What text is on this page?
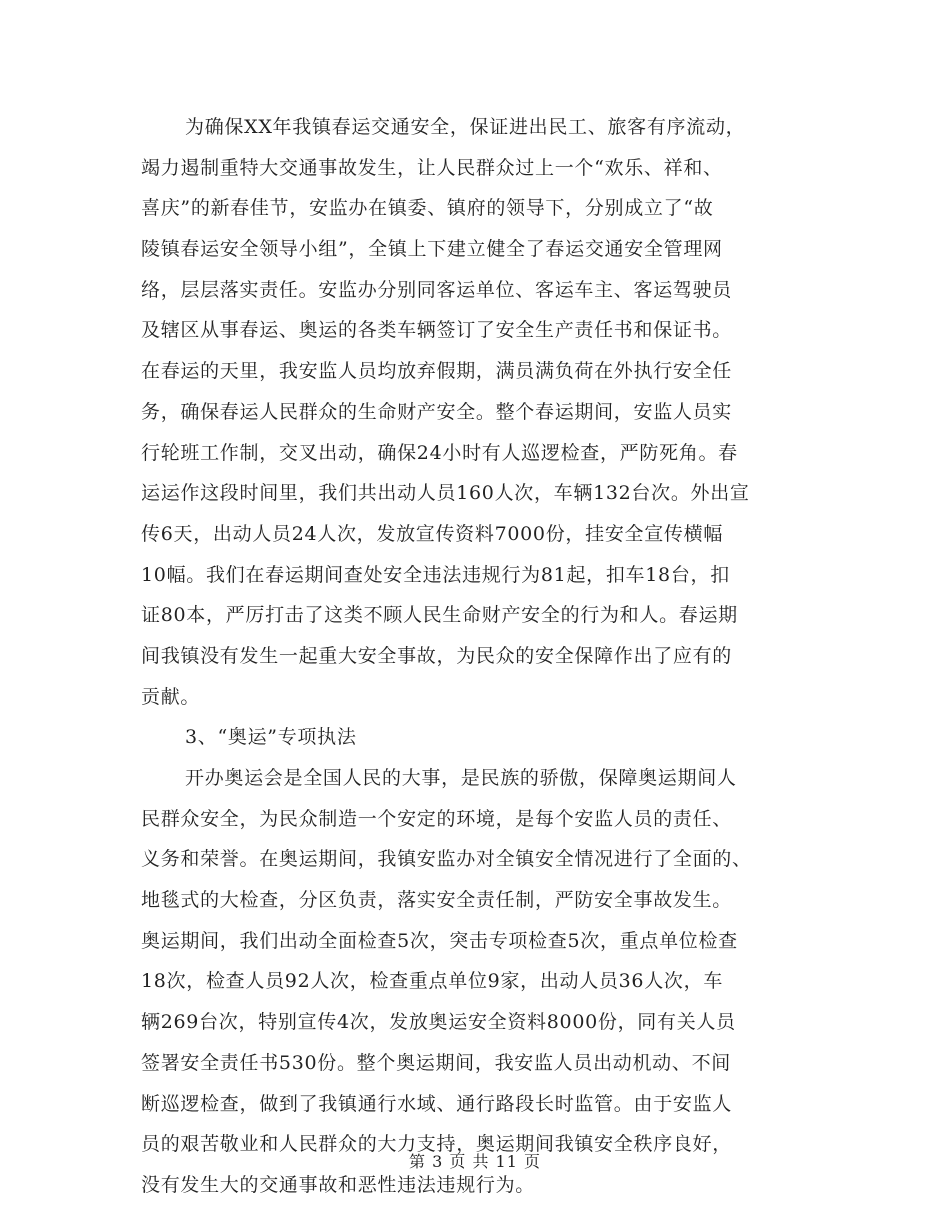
为确保XX年我镇春运交通安全，保证进出民工、旅客有序流动，
竭力遏制重特大交通事故发生，让人民群众过上一个“欢乐、祥和、
喜庆”的新春佳节，安监办在镇委、镇府的领导下，分别成立了“故
陵镇春运安全领导小组”，全镇上下建立健全了春运交通安全管理网
络，层层落实责任。安监办分别同客运单位、客运车主、客运驾驶员
及辖区从事春运、奥运的各类车辆签订了安全生产责任书和保证书。
在春运的天里，我安监人员均放弃假期，满员满负荷在外执行安全任
务，确保春运人民群众的生命财产安全。整个春运期间，安监人员实
行轮班工作制，交叉出动，确保24小时有人巡逻检查，严防死角。春
运运作这段时间里，我们共出动人员160人次，车辆132台次。外出宣
传6天，出动人员24人次，发放宣传资料7000份，挂安全宣传横幅
10幅。我们在春运期间查处安全违法违规行为81起，扣车18台，扣
证80本，严厉打击了这类不顾人民生命财产安全的行为和人。春运期
间我镇没有发生一起重大安全事故，为民众的安全保障作出了应有的
贡献。
3、“奥运”专项执法
开办奥运会是全国人民的大事，是民族的骄傲，保障奥运期间人
民群众安全，为民众制造一个安定的环境，是每个安监人员的责任、
义务和荣誉。在奥运期间，我镇安监办对全镇安全情况进行了全面的、
地毯式的大检查，分区负责，落实安全责任制，严防安全事故发生。
奥运期间，我们出动全面检查5次，突击专项检查5次，重点单位检查
18次，检查人员92人次，检查重点单位9家，出动人员36人次，车
辆269台次，特别宣传4次，发放奥运安全资料8000份，同有关人员
签署安全责任书530份。整个奥运期间，我安监人员出动机动、不间
断巡逻检查，做到了我镇通行水域、通行路段长时监管。由于安监人
员的艰苦敬业和人民群众的大力支持，奥运期间我镇安全秩序良好，
没有发生大的交通事故和恶性违法违规行为。
第 3 页 共 11 页
